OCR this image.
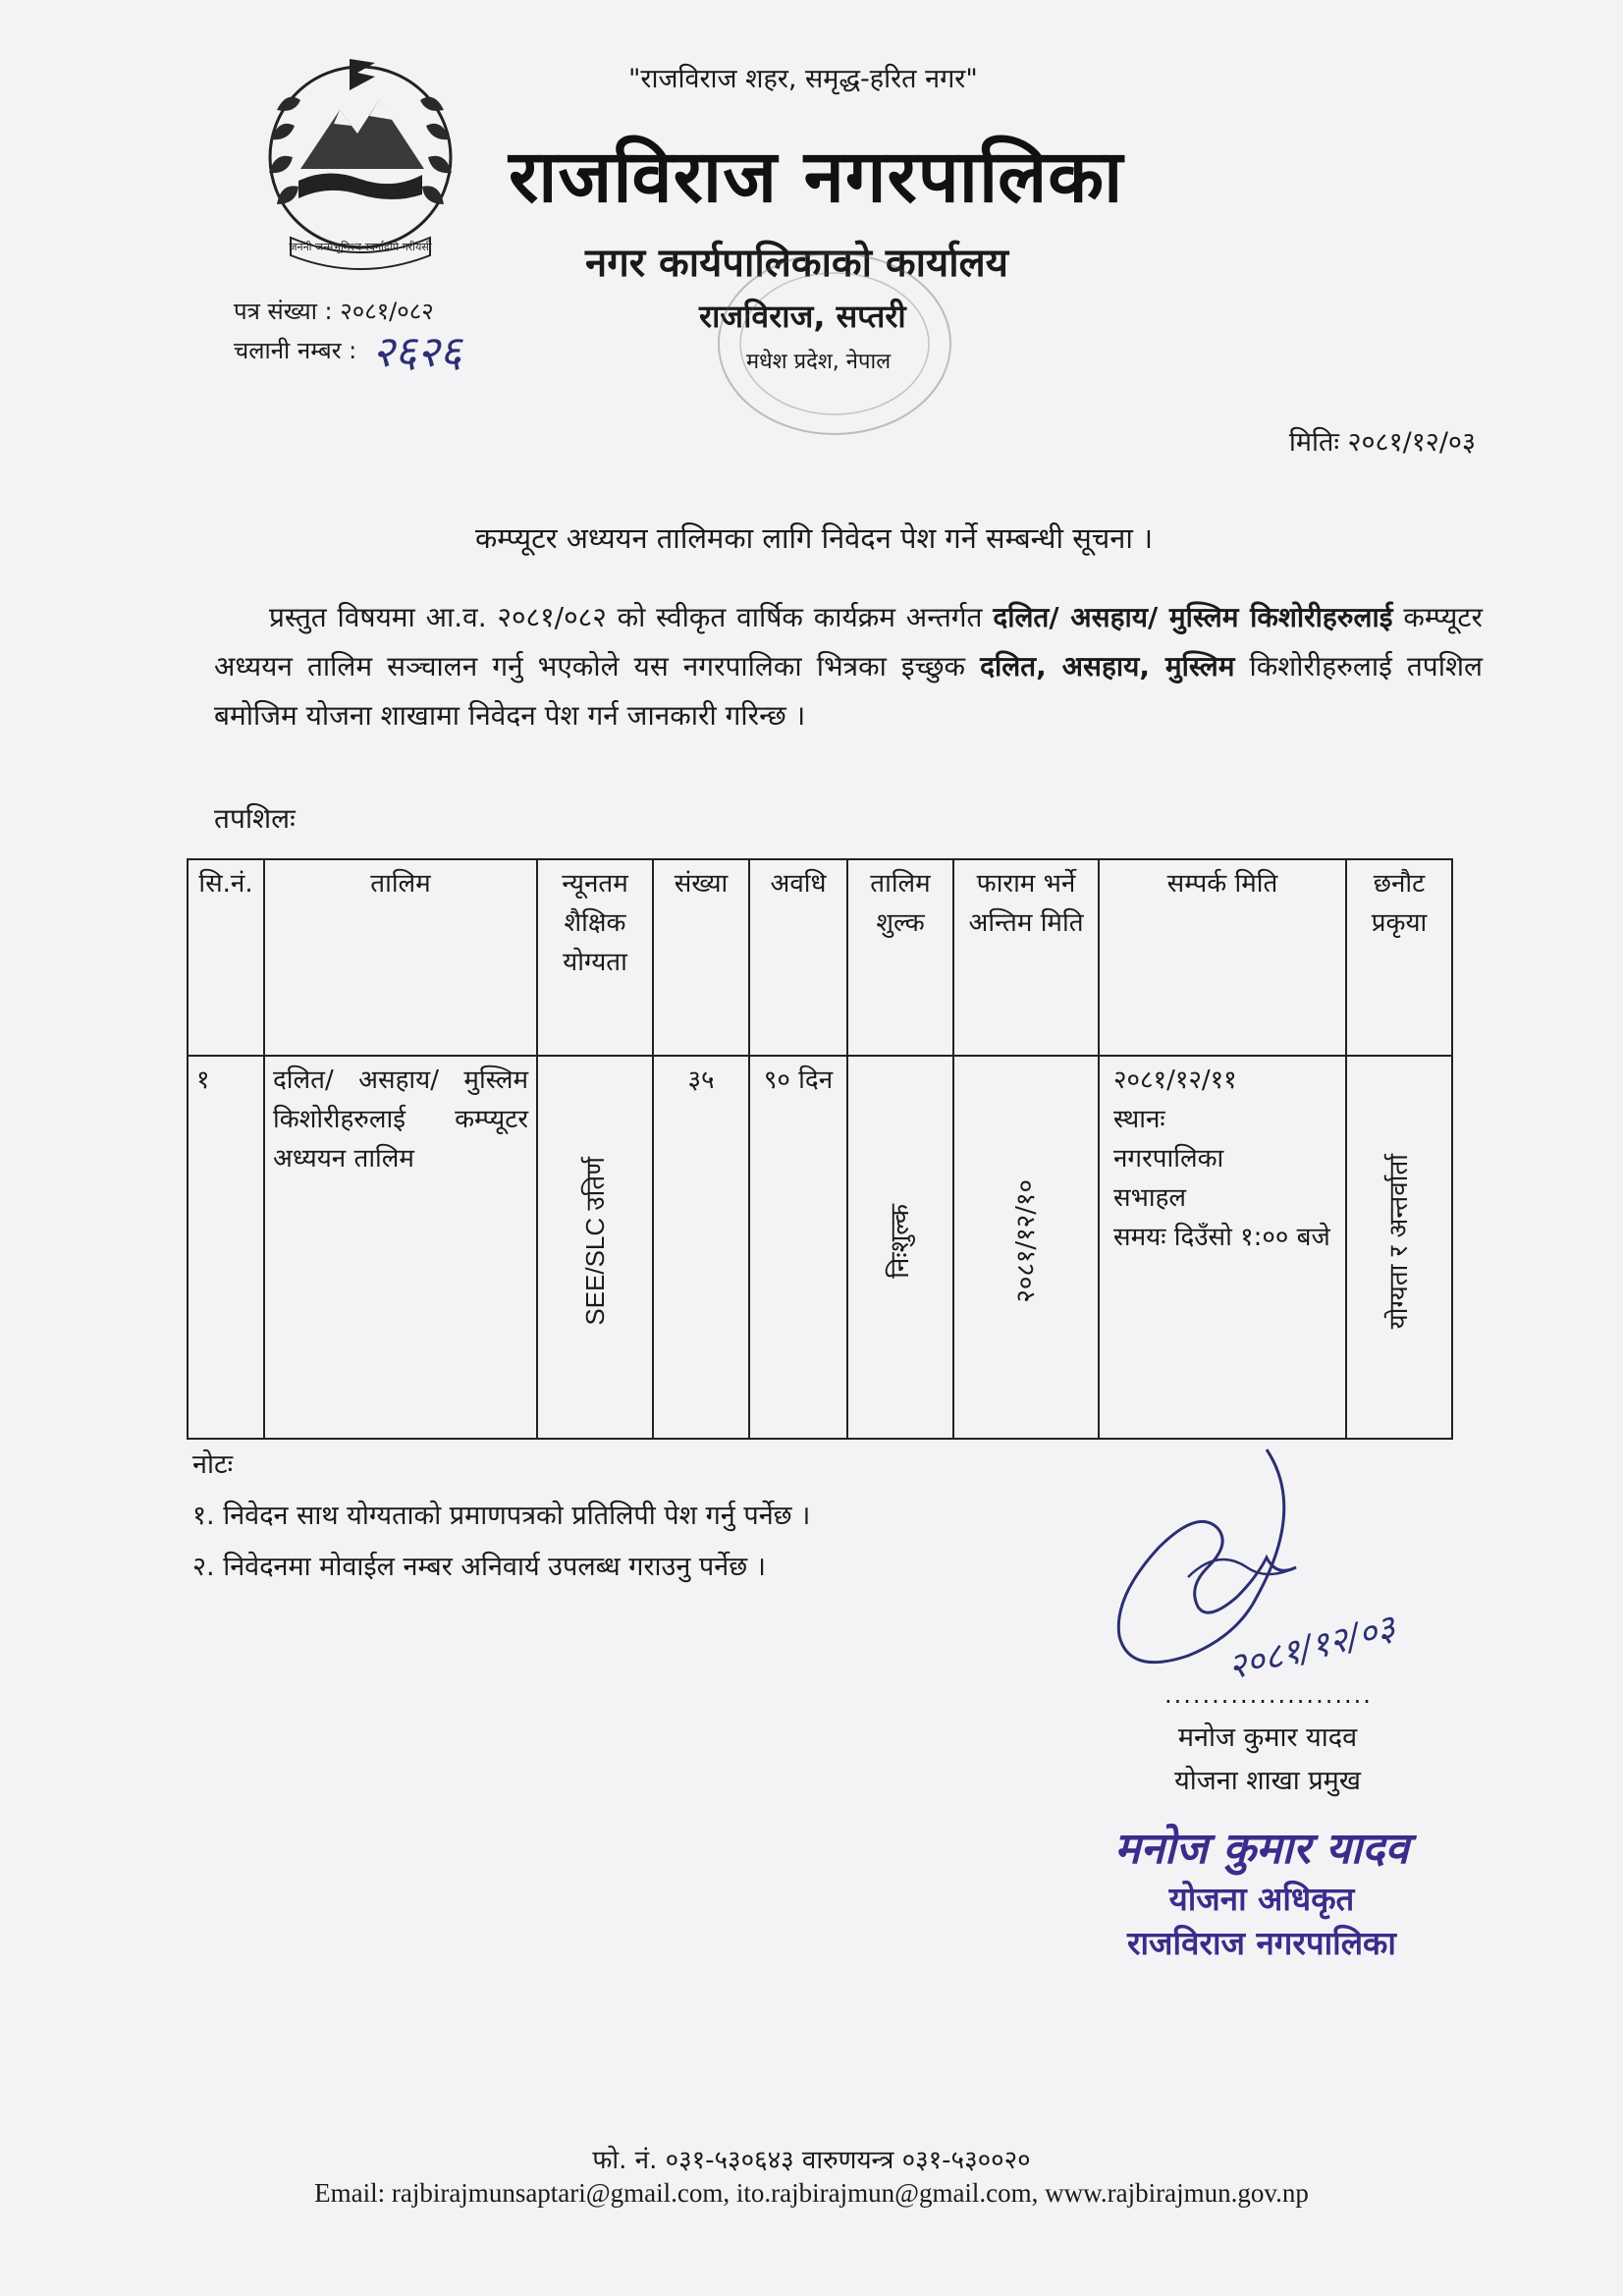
जननी जन्मभूमिश्च स्वर्गादपि गरीयसी
"राजविराज शहर, समृद्ध-हरित नगर"
राजविराज नगरपालिका
नगर कार्यपालिकाको कार्यालय
राजविराज, सप्तरी
मधेश प्रदेश, नेपाल
पत्र संख्या : २०८१/०८२
चलानी नम्बर : २६२६
मितिः २०८१/१२/०३
कम्प्यूटर अध्ययन तालिमका लागि निवेदन पेश गर्ने सम्बन्धी सूचना ।

प्रस्तुत विषयमा आ.व. २०८१/०८२ को स्वीकृत वार्षिक कार्यक्रम अन्तर्गत दलित/ असहाय/ मुस्लिम किशोरीहरुलाई कम्प्यूटर अध्ययन तालिम सञ्चालन गर्नु भएकोले यस नगरपालिका भित्रका इच्छुक दलित, असहाय, मुस्लिम किशोरीहरुलाई तपशिल बमोजिम योजना शाखामा निवेदन पेश गर्न जानकारी गरिन्छ ।

तपशिलः
सि.नं.	तालिम	न्यूनतम शैक्षिक योग्यता	संख्या	अवधि	तालिम शुल्क	फाराम भर्ने अन्तिम मिति	सम्पर्क मिति	छनौट प्रकृया
१	दलित/ असहाय/ मुस्लिम किशोरीहरुलाई कम्प्यूटर अध्ययन तालिम	SEE/SLC उतिर्ण	३५	९० दिन	निःशुल्क	२०८१/१२/१०	२०८१/१२/११
स्थानः
नगरपालिका सभाहल
समयः दिउँसो १:०० बजे	योग्यता र अन्तर्वार्ता
नोटः
१. निवेदन साथ योग्यताको प्रमाणपत्रको प्रतिलिपी पेश गर्नु पर्नेछ ।
२. निवेदनमा मोवाईल नम्बर अनिवार्य उपलब्ध गराउनु पर्नेछ ।
२०८१/१२/०३
......................
मनोज कुमार यादव
योजना शाखा प्रमुख
मनोज कुमार यादव
योजना अधिकृत
राजविराज नगरपालिका
फो. नं. ०३१-५३०६४३ वारुणयन्त्र ०३१-५३००२०
Email: rajbirajmunsaptari@gmail.com, ito.rajbirajmun@gmail.com, www.rajbirajmun.gov.np
